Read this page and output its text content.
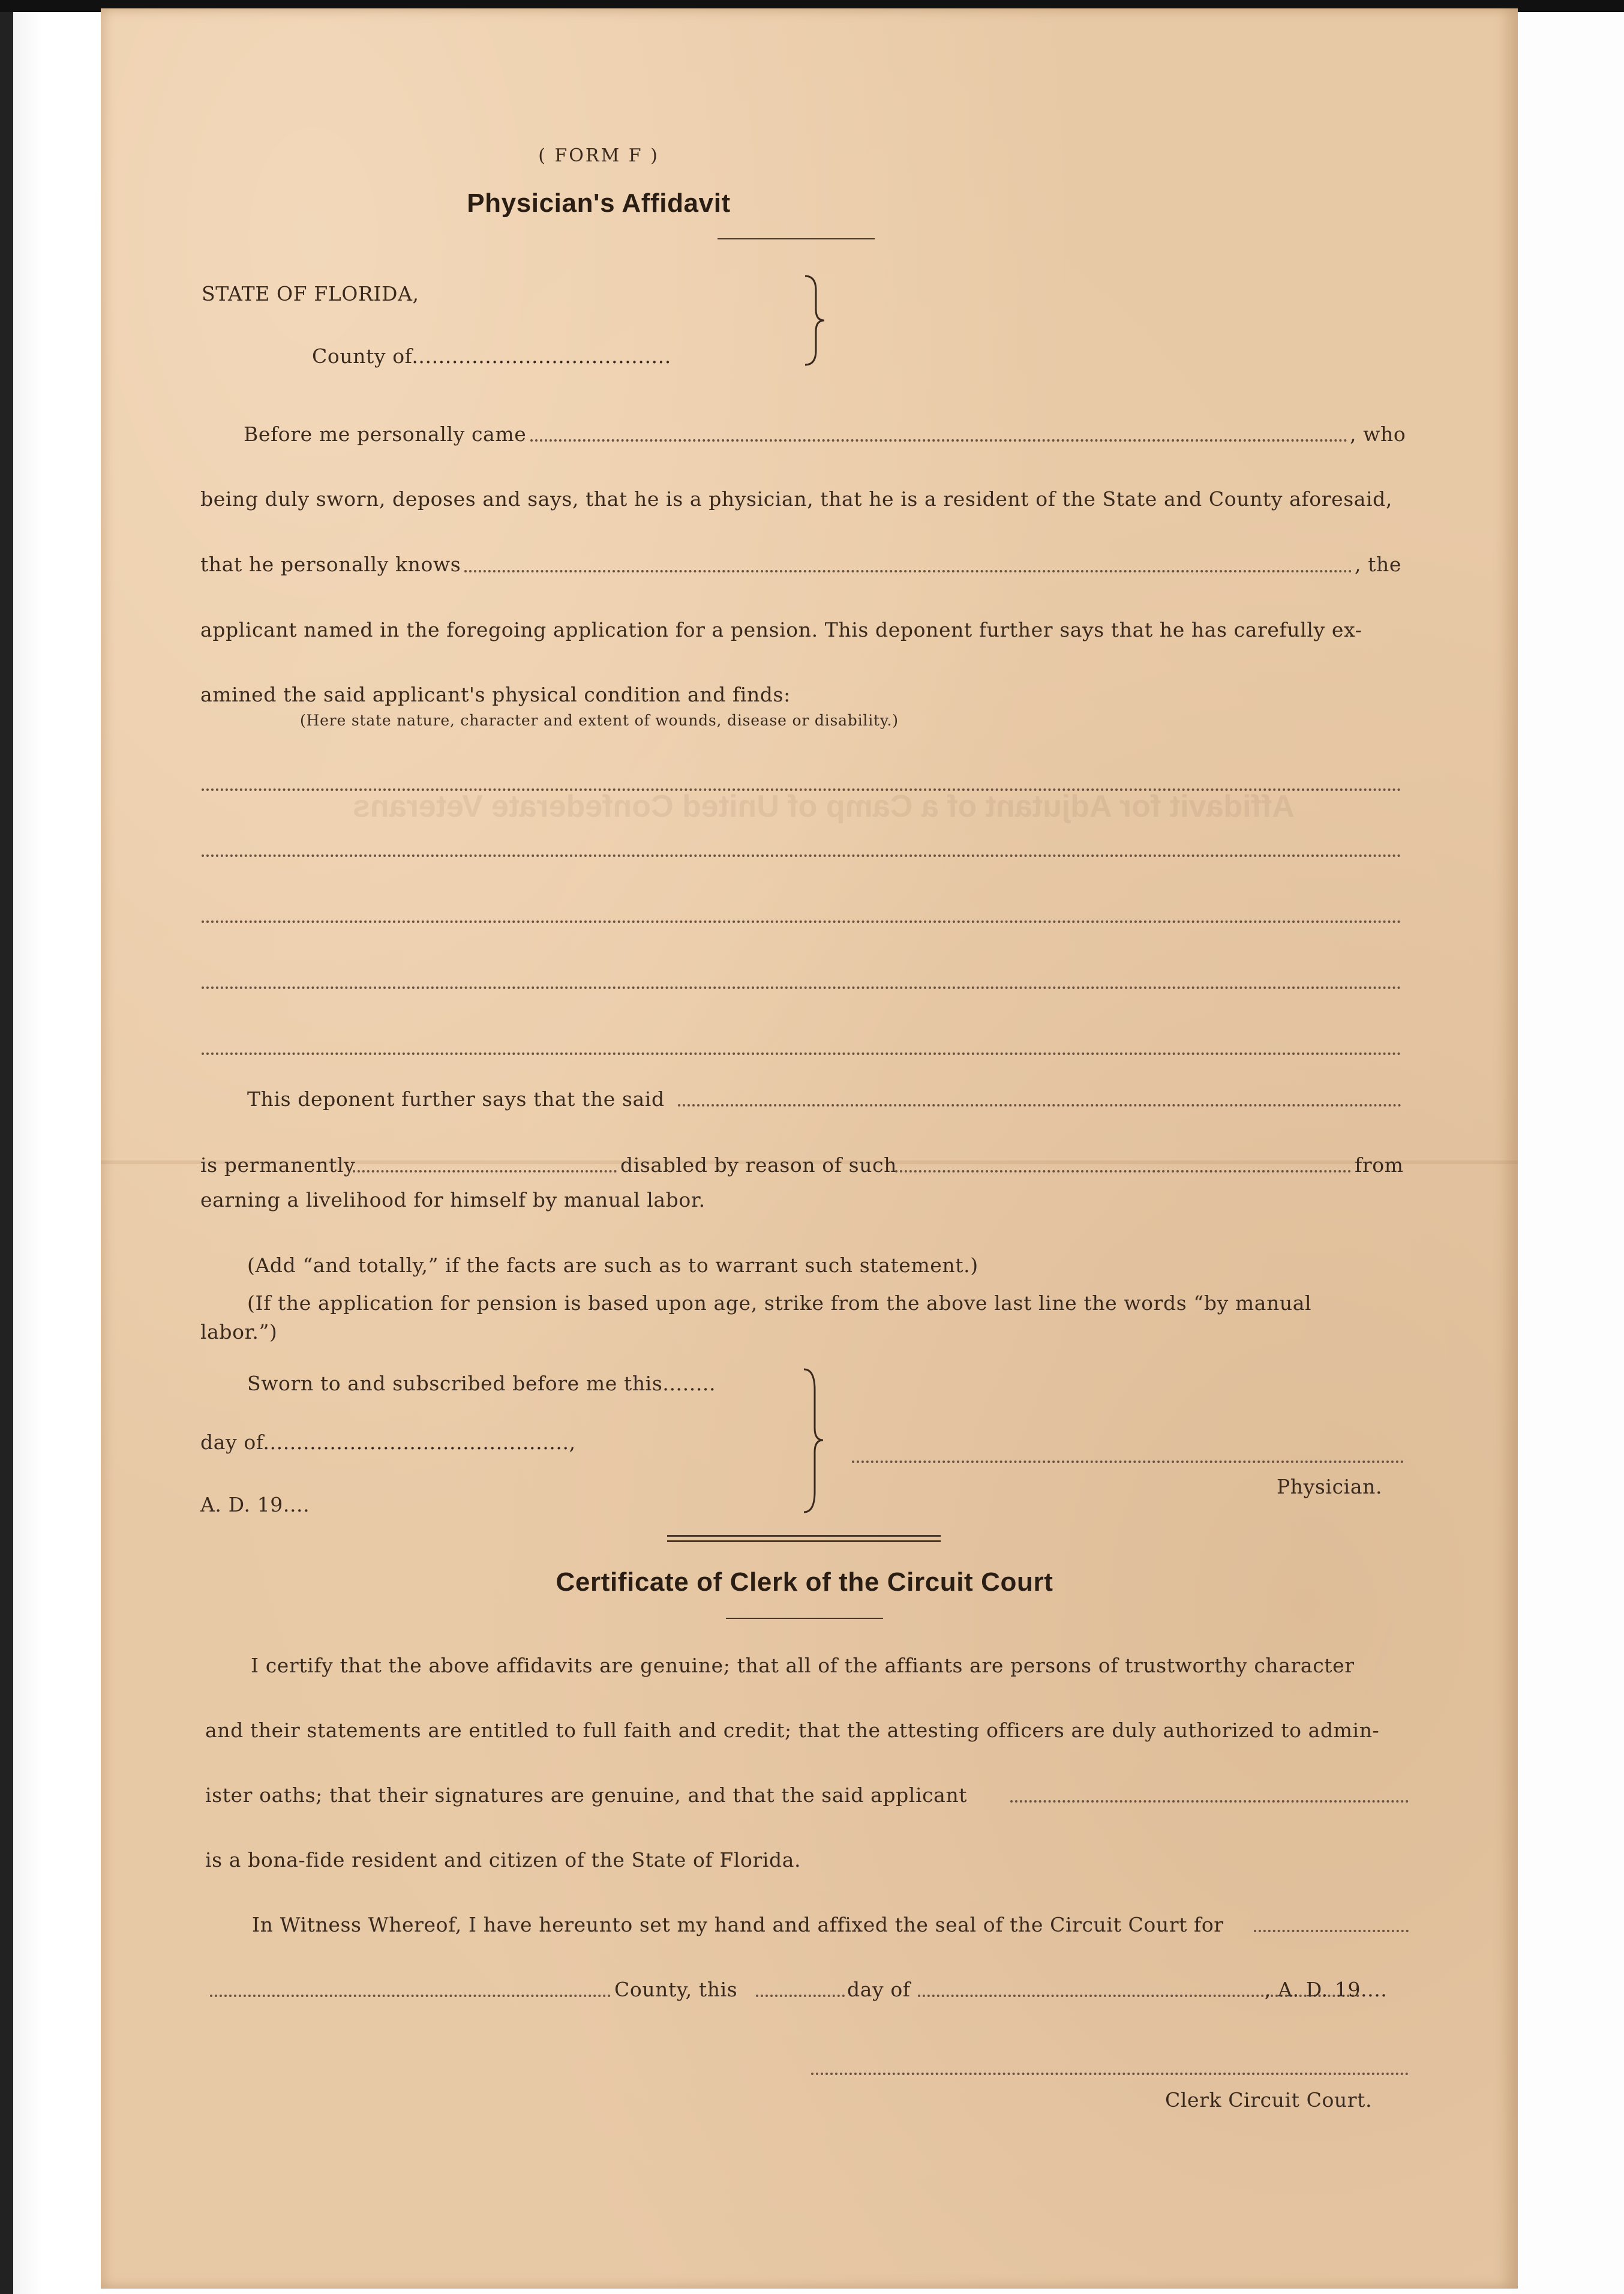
Affidavit for Adjutant of a Camp of United Confederate Veterans
( FORM F )
Physician's Affidavit
STATE OF FLORIDA,
County of.......................................
Before me personally came	, who
being duly sworn, deposes and says, that he is a physician, that he is a resident of the State and County aforesaid,
that he personally knows	, the
applicant named in the foregoing application for a pension. This deponent further says that he has carefully ex-
amined the said applicant's physical condition and finds:
(Here state nature, character and extent of wounds, disease or disability.)
This deponent further says that the said
is permanently	disabled by reason of such	from
earning a livelihood for himself by manual labor.
(Add “and totally,” if the facts are such as to warrant such statement.)
(If the application for pension is based upon age, strike from the above last line the words “by manual
labor.”)
Sworn to and subscribed before me this........
day of..............................................,
A. D. 19....
Physician.
Certificate of Clerk of the Circuit Court
I certify that the above affidavits are genuine; that all of the affiants are persons of trustworthy character
and their statements are entitled to full faith and credit; that the attesting officers are duly authorized to admin-
ister oaths; that their signatures are genuine, and that the said applicant
is a bona-fide resident and citizen of the State of Florida.
In Witness Whereof, I have hereunto set my hand and affixed the seal of the Circuit Court for
County, this	day of	, A. D. 19....
Clerk Circuit Court.
